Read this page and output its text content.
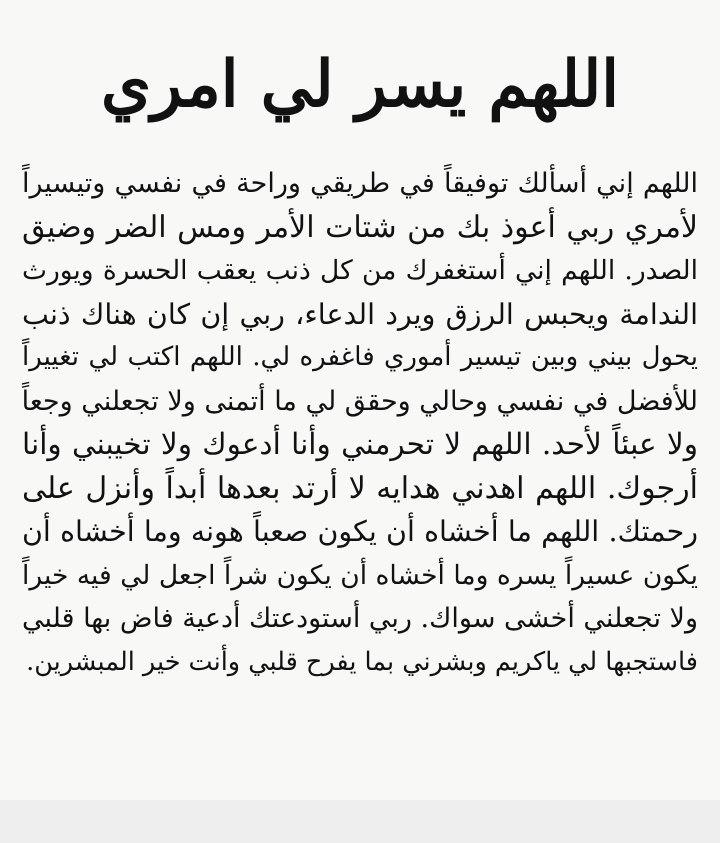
اللهم يسر لي امري
اللهم إني أسألك توفيقاً في طريقي وراحة في نفسي وتيسيراً
لأمري ربي أعوذ بك من شتات الأمر ومس الضر وضيق
الصدر. اللهم إني أستغفرك من كل ذنب يعقب الحسرة ويورث
الندامة ويحبس الرزق ويرد الدعاء، ربي إن كان هناك ذنب
يحول بيني وبين تيسير أموري فاغفره لي. اللهم اكتب لي تغييراً
للأفضل في نفسي وحالي وحقق لي ما أتمنى ولا تجعلني وجعاً
ولا عبئاً لأحد. اللهم لا تحرمني وأنا أدعوك ولا تخيبني وأنا
أرجوك. اللهم اهدني هدايه لا أرتد بعدها أبداً وأنزل على
رحمتك. اللهم ما أخشاه أن يكون صعباً هونه وما أخشاه أن
يكون عسيراً يسره وما أخشاه أن يكون شراً اجعل لي فيه خيراً
ولا تجعلني أخشى سواك. ربي أستودعتك أدعية فاض بها قلبي
فاستجبها لي ياكريم وبشرني بما يفرح قلبي وأنت خير المبشرين.
